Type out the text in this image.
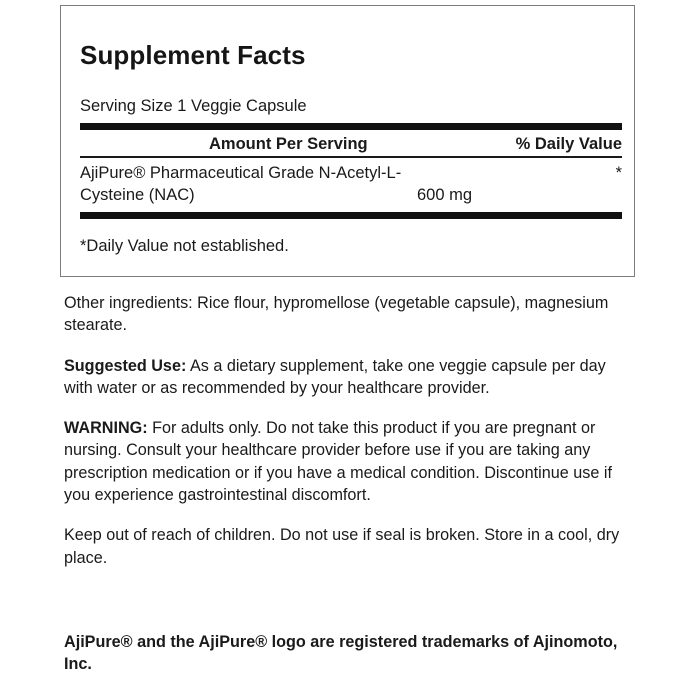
Supplement Facts
Serving Size 1 Veggie Capsule
Amount Per Serving	% Daily Value
AjiPure® Pharmaceutical Grade N-Acetyl-L-
Cysteine (NAC)	600 mg
*
*Daily Value not established.

Other ingredients: Rice flour, hypromellose (vegetable capsule), magnesium stearate.

Suggested Use: As a dietary supplement, take one veggie capsule per day with water or as recommended by your healthcare provider.

WARNING: For adults only. Do not take this product if you are pregnant or nursing. Consult your healthcare provider before use if you are taking any prescription medication or if you have a medical condition. Discontinue use if you experience gastrointestinal discomfort.

Keep out of reach of children. Do not use if seal is broken. Store in a cool, dry place.

AjiPure® and the AjiPure® logo are registered trademarks of Ajinomoto, Inc.
